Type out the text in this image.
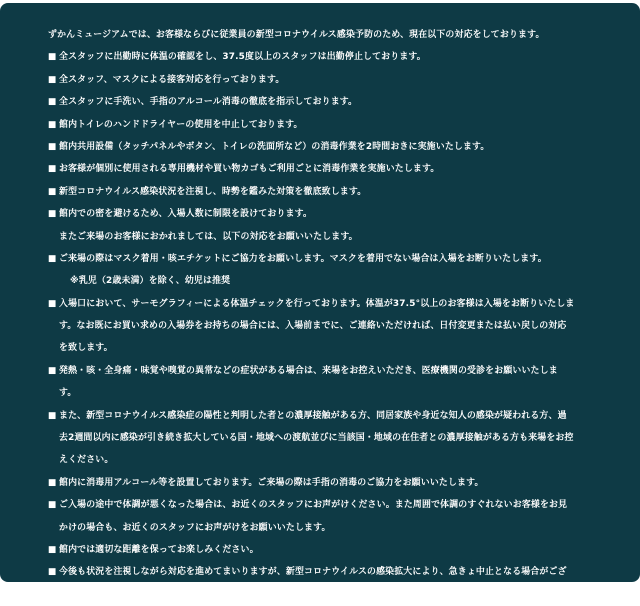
ずかんミュージアムでは、お客様ならびに従業員の新型コロナウイルス感染予防のため、現在以下の対応をしております。
■ 全スタッフに出勤時に体温の確認をし、37.5度以上のスタッフは出勤停止しております。
■ 全スタッフ、マスクによる接客対応を行っております。
■ 全スタッフに手洗い、手指のアルコール消毒の徹底を指示しております。
■ 館内トイレのハンドドライヤーの使用を中止しております。
■ 館内共用設備（タッチパネルやボタン、トイレの洗面所など）の消毒作業を2時間おきに実施いたします。
■ お客様が個別に使用される専用機材や買い物カゴもご利用ごとに消毒作業を実施いたします。
■ 新型コロナウイルス感染状況を注視し、時勢を鑑みた対策を徹底致します。
■ 館内での密を避けるため、入場人数に制限を設けております。
またご来場のお客様におかれましては、以下の対応をお願いいたします。
■ ご来場の際はマスク着用・咳エチケットにご協力をお願いします。マスクを着用でない場合は入場をお断りいたします。
※乳児（2歳未満）を除く、幼児は推奨
■ 入場口において、サーモグラフィーによる体温チェックを行っております。体温が37.5°以上のお客様は入場をお断りいたしま
す。なお既にお買い求めの入場券をお持ちの場合には、入場前までに、ご連絡いただければ、日付変更または払い戻しの対応
を致します。
■ 発熱・咳・全身痛・味覚や嗅覚の異常などの症状がある場合は、来場をお控えいただき、医療機関の受診をお願いいたしま
す。
■ また、新型コロナウイルス感染症の陽性と判明した者との濃厚接触がある方、同居家族や身近な知人の感染が疑われる方、過
去2週間以内に感染が引き続き拡大している国・地域への渡航並びに当該国・地域の在住者との濃厚接触がある方も来場をお控
えください。
■ 館内に消毒用アルコール等を設置しております。ご来場の際は手指の消毒のご協力をお願いいたします。
■ ご入場の途中で体調が悪くなった場合は、お近くのスタッフにお声がけください。また周囲で体調のすぐれないお客様をお見
かけの場合も、お近くのスタッフにお声がけをお願いいたします。
■ 館内では適切な距離を保ってお楽しみください。
■ 今後も状況を注視しながら対応を進めてまいりますが、新型コロナウイルスの感染拡大により、急きょ中止となる場合がござ
います。運営状況についてはイベント公式ＨＰ及び公式SNSでご案内いたします。
